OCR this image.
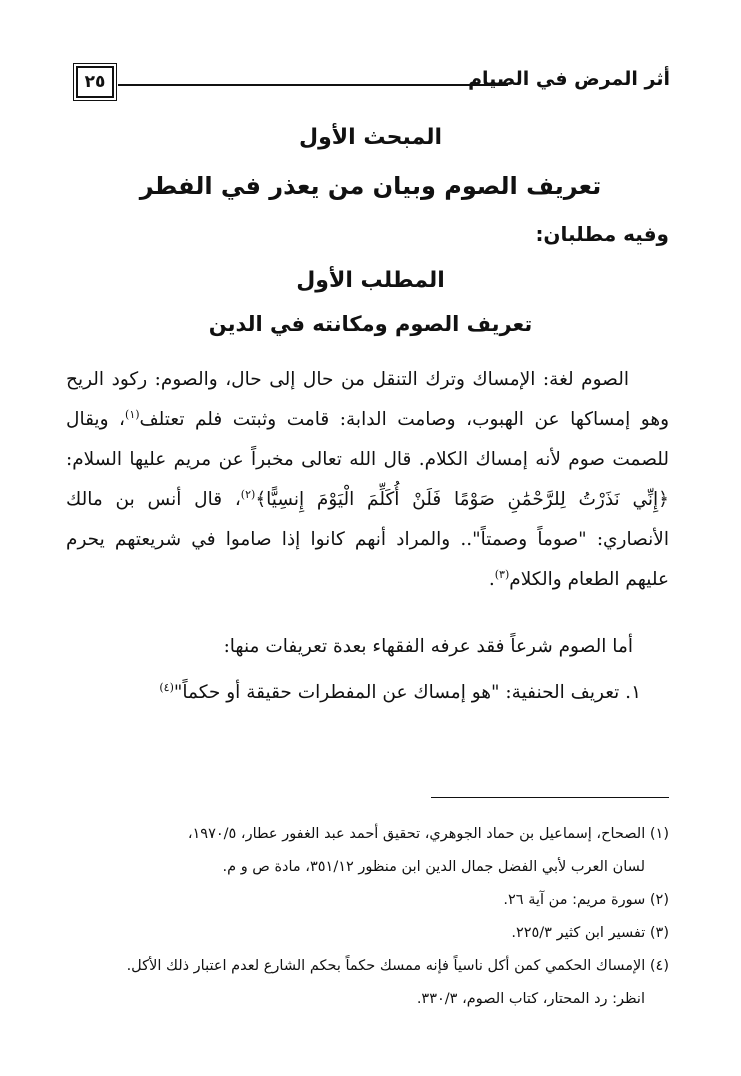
أثر المرض في الصيام
٢٥
المبحث الأول
تعريف الصوم وبيان من يعذر في الفطر
وفيه مطلبان:
المطلب الأول
تعريف الصوم ومكانته في الدين

الصوم لغة: الإمساك وترك التنقل من حال إلى حال، والصوم: ركود الريح وهو إمساكها عن الهبوب، وصامت الدابة: قامت وثبتت فلم تعتلف$^{(١)}$، ويقال للصمت صوم لأنه إمساك الكلام. قال الله تعالى مخبراً عن مريم عليها السلام: ﴿إِنِّي نَذَرْتُ لِلرَّحْمَٰنِ صَوْمًا فَلَنْ أُكَلِّمَ الْيَوْمَ إِنسِيًّا﴾$^{(٢)}$، قال أنس بن مالك الأنصاري: "صوماً وصمتاً".. والمراد أنهم كانوا إذا صاموا في شريعتهم يحرم عليهم الطعام والكلام$^{(٣)}$.

أما الصوم شرعاً فقد عرفه الفقهاء بعدة تعريفات منها:
١. تعريف الحنفية: "هو إمساك عن المفطرات حقيقة أو حكماً"$^{(٤)}$

(١) الصحاح، إسماعيل بن حماد الجوهري، تحقيق أحمد عبد الغفور عطار، ١٩٧٠/٥،

لسان العرب لأبي الفضل جمال الدين ابن منظور ٣٥١/١٢، مادة ص و م.

(٢) سورة مريم: من آية ٢٦.

(٣) تفسير ابن كثير ٢٢٥/٣.

(٤) الإمساك الحكمي كمن أكل ناسياً فإنه ممسك حكماً بحكم الشارع لعدم اعتبار ذلك الأكل.

انظر: رد المحتار، كتاب الصوم، ٣٣٠/٣.
